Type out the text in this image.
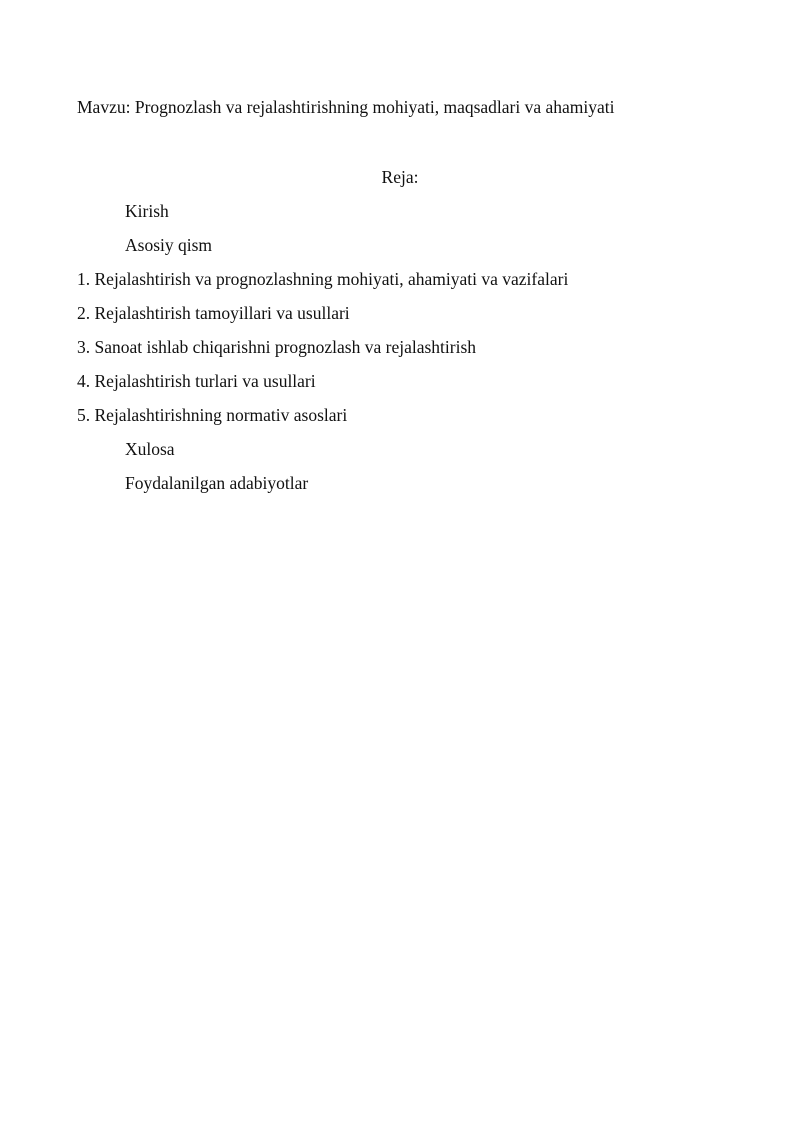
Mavzu: Prognozlash va rejalashtirishning mohiyati, maqsadlari va ahamiyati
Reja:
Kirish
Asosiy qism
1. Rejalashtirish va prognozlashning mohiyati, ahamiyati va vazifalari
2. Rejalashtirish tamoyillari va usullari
3. Sanoat ishlab chiqarishni prognozlash va rejalashtirish
4. Rejalashtirish turlari va usullari
5. Rejalashtirishning normativ asoslari
Xulosa
Foydalanilgan adabiyotlar
